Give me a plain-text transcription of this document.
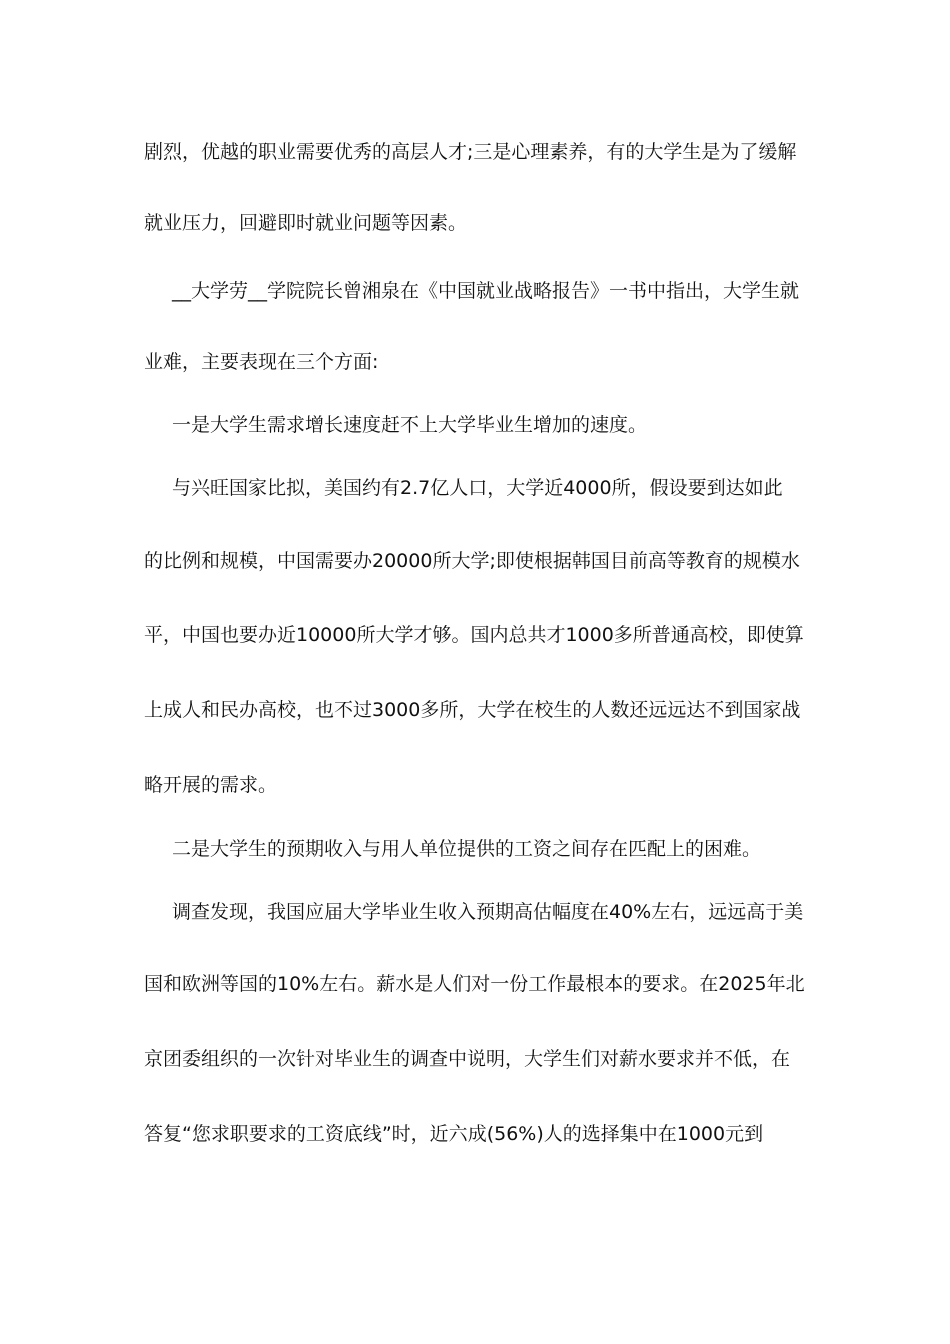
剧烈，优越的职业需要优秀的高层人才;三是心理素养，有的大学生是为了缓解

就业压力，回避即时就业问题等因素。

__大学劳__学院院长曾湘泉在《中国就业战略报告》一书中指出，大学生就

业难，主要表现在三个方面:

一是大学生需求增长速度赶不上大学毕业生增加的速度。

与兴旺国家比拟，美国约有2.7亿人口，大学近4000所，假设要到达如此

的比例和规模，中国需要办20000所大学;即使根据韩国目前高等教育的规模水

平，中国也要办近10000所大学才够。国内总共才1000多所普通高校，即使算

上成人和民办高校，也不过3000多所，大学在校生的人数还远远达不到国家战

略开展的需求。

二是大学生的预期收入与用人单位提供的工资之间存在匹配上的困难。

调查发现，我国应届大学毕业生收入预期高估幅度在40%左右，远远高于美

国和欧洲等国的10%左右。薪水是人们对一份工作最根本的要求。在2025年北

京团委组织的一次针对毕业生的调查中说明，大学生们对薪水要求并不低，在

答复“您求职要求的工资底线”时，近六成(56%)人的选择集中在1000元到
